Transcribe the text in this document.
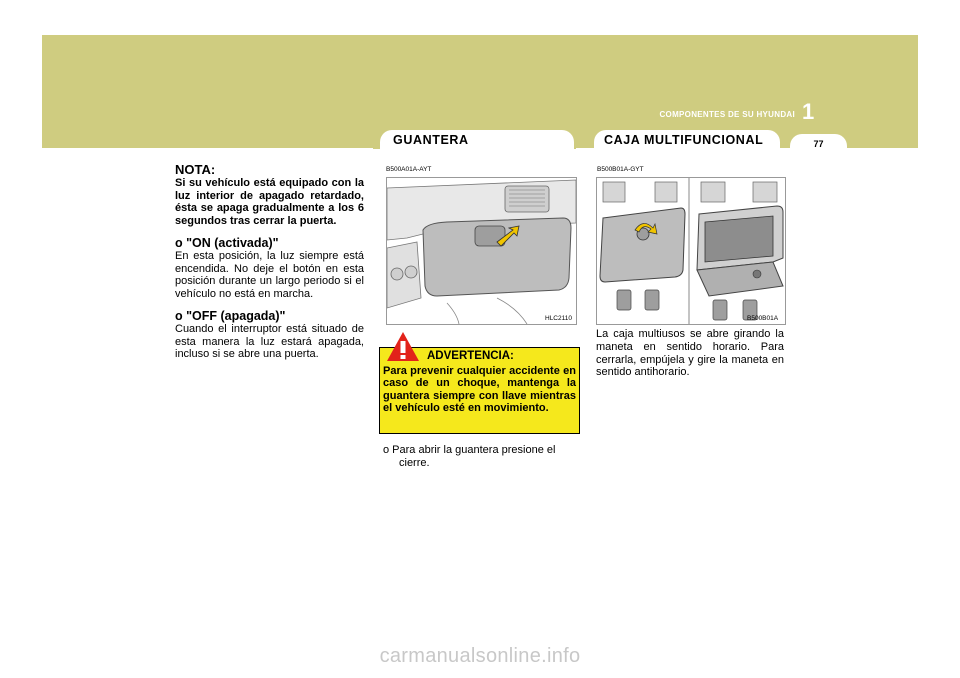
COMPONENTES DE SU HYUNDAI 1
GUANTERA	CAJA MULTIFUNCIONAL	77

NOTA:

Si su vehículo está equipado con la luz interior de apagado retardado, ésta se apaga gradualmente a los 6 segundos tras cerrar la puerta.

o "ON (activada)"

En esta posición, la luz siempre está encendida. No deje el botón en esta posición durante un largo periodo si el vehículo no está en marcha.

o "OFF (apagada)"

Cuando el interruptor está situado de esta manera la luz estará apagada, incluso si se abre una puerta.

B500A01A-AYT
HLC2110
ADVERTENCIA:
Para prevenir cualquier accidente en caso de un choque, mantenga la guantera siempre con llave mientras el vehículo esté en movimiento.
o Para abrir la guantera presione el cierre.
B500B01A-GYT
B500B01A
La caja multiusos se abre girando la maneta en sentido horario. Para cerrarla, empújela y gire la maneta en sentido antihorario.
carmanualsonline.info
